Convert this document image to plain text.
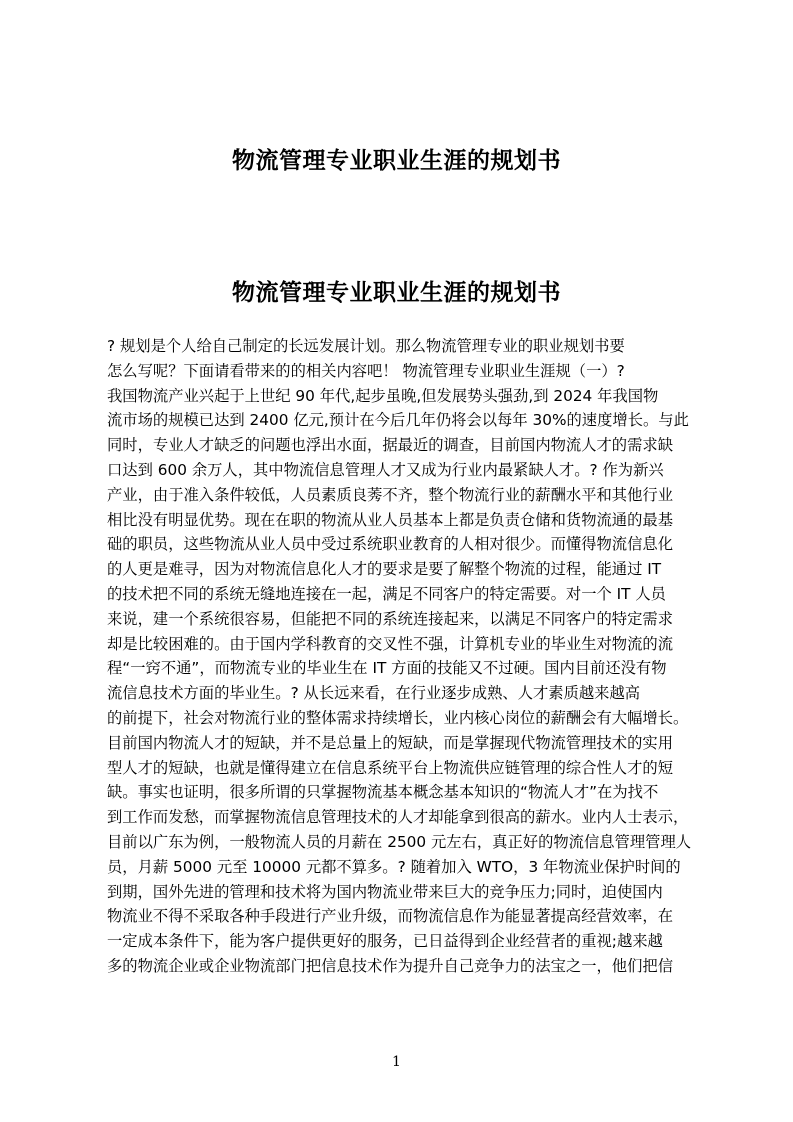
物流管理专业职业生涯的规划书
物流管理专业职业生涯的规划书
? 规划是个人给自己制定的长远发展计划。那么物流管理专业的职业规划书要
怎么写呢？下面请看带来的的相关内容吧！ 物流管理专业职业生涯规（一）?
我国物流产业兴起于上世纪 90 年代,起步虽晚,但发展势头强劲,到 2024 年我国物
流市场的规模已达到 2400 亿元,预计在今后几年仍将会以每年 30%的速度增长。与此
同时，专业人才缺乏的问题也浮出水面，据最近的调查，目前国内物流人才的需求缺
口达到 600 余万人，其中物流信息管理人才又成为行业内最紧缺人才。? 作为新兴
产业，由于准入条件较低，人员素质良莠不齐，整个物流行业的薪酬水平和其他行业
相比没有明显优势。现在在职的物流从业人员基本上都是负责仓储和货物流通的最基
础的职员，这些物流从业人员中受过系统职业教育的人相对很少。而懂得物流信息化
的人更是难寻，因为对物流信息化人才的要求是要了解整个物流的过程，能通过 IT
的技术把不同的系统无缝地连接在一起，满足不同客户的特定需要。对一个 IT 人员
来说，建一个系统很容易，但能把不同的系统连接起来，以满足不同客户的特定需求
却是比较困难的。由于国内学科教育的交叉性不强，计算机专业的毕业生对物流的流
程“一窍不通”，而物流专业的毕业生在 IT 方面的技能又不过硬。国内目前还没有物
流信息技术方面的毕业生。? 从长远来看，在行业逐步成熟、人才素质越来越高
的前提下，社会对物流行业的整体需求持续增长，业内核心岗位的薪酬会有大幅增长。
目前国内物流人才的短缺，并不是总量上的短缺，而是掌握现代物流管理技术的实用
型人才的短缺，也就是懂得建立在信息系统平台上物流供应链管理的综合性人才的短
缺。事实也证明，很多所谓的只掌握物流基本概念基本知识的“物流人才”在为找不
到工作而发愁，而掌握物流信息管理技术的人才却能拿到很高的薪水。业内人士表示，
目前以广东为例，一般物流人员的月薪在 2500 元左右，真正好的物流信息管理管理人
员，月薪 5000 元至 10000 元都不算多。? 随着加入 WTO，3 年物流业保护时间的
到期，国外先进的管理和技术将为国内物流业带来巨大的竞争压力;同时，迫使国内
物流业不得不采取各种手段进行产业升级，而物流信息作为能显著提高经营效率，在
一定成本条件下，能为客户提供更好的服务，已日益得到企业经营者的重视;越来越
多的物流企业或企业物流部门把信息技术作为提升自己竞争力的法宝之一，他们把信
1
